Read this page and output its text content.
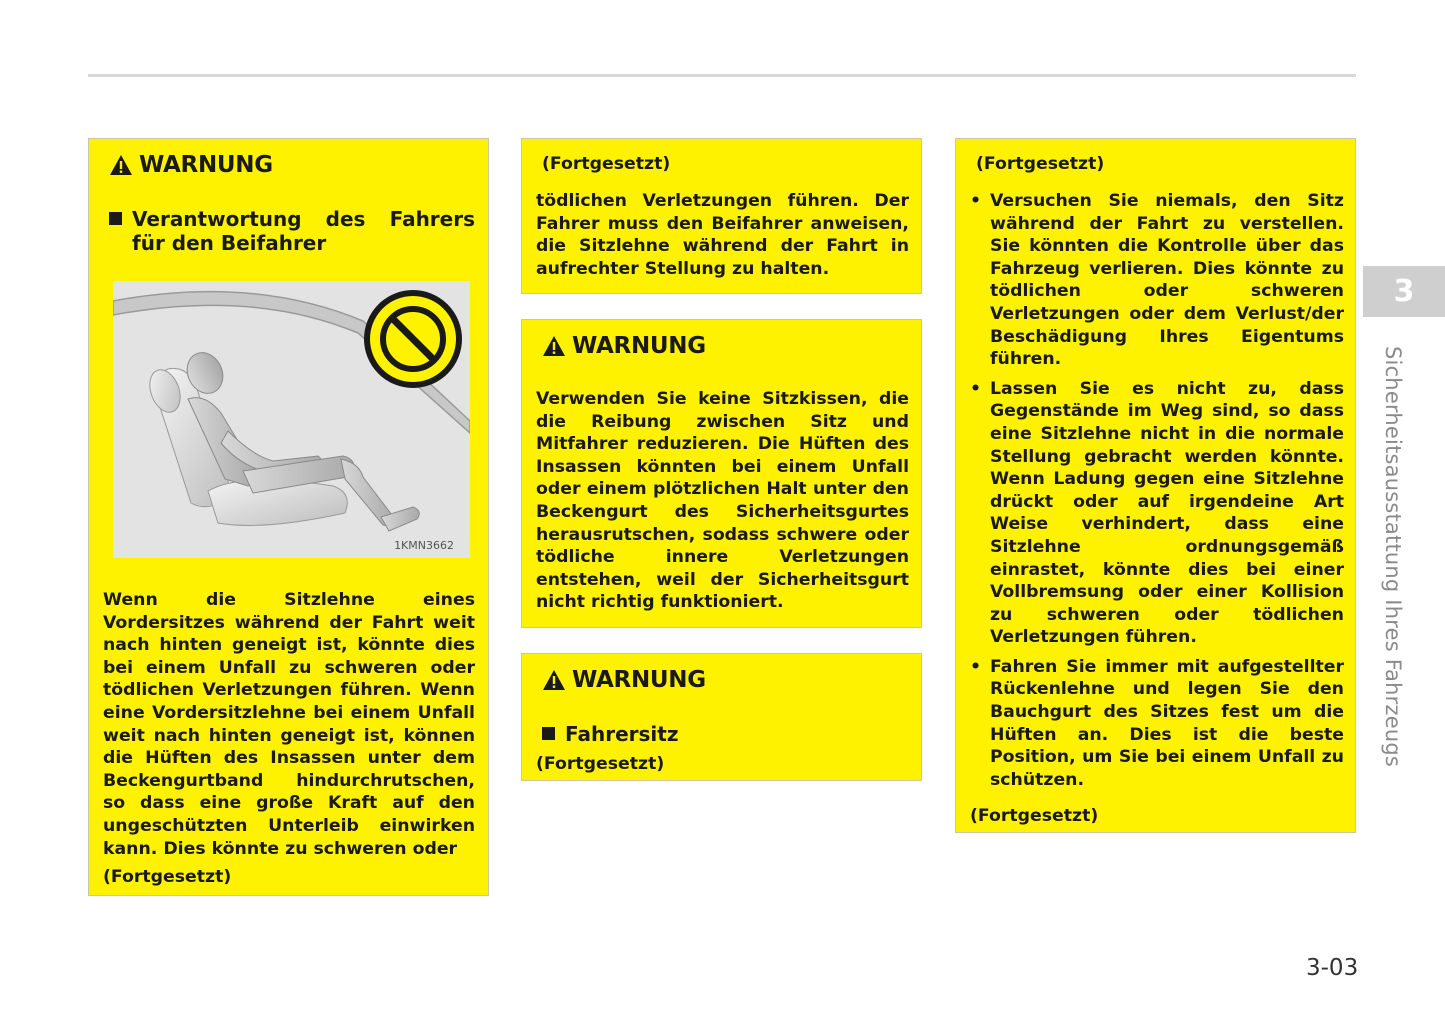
WARNUNG
Verantwortung des Fahrers für den Beifahrer
1KMN3662

Wenn die Sitzlehne eines Vordersitzes während der Fahrt weit nach hinten geneigt ist, könnte dies bei einem Unfall zu schweren oder tödlichen Verletzungen führen. Wenn eine Vordersitzlehne bei einem Unfall weit nach hinten geneigt ist, können die Hüften des Insassen unter dem Beckengurtband hindurchrutschen, so dass eine große Kraft auf den ungeschützten Unterleib einwirken kann. Dies könnte zu schweren oder

(Fortgesetzt)
(Fortgesetzt)

tödlichen Verletzungen führen. Der Fahrer muss den Beifahrer anweisen, die Sitzlehne während der Fahrt in aufrechter Stellung zu halten.

WARNUNG

Verwenden Sie keine Sitzkissen, die die Reibung zwischen Sitz und Mitfahrer reduzieren. Die Hüften des Insassen könnten bei einem Unfall oder einem plötzlichen Halt unter den Beckengurt des Sicherheitsgurtes herausrutschen, sodass schwere oder tödliche innere Verletzungen entstehen, weil der Sicherheitsgurt nicht richtig funktioniert.

WARNUNG
Fahrersitz
(Fortgesetzt)
(Fortgesetzt)
• Versuchen Sie niemals, den Sitz während der Fahrt zu verstellen. Sie könnten die Kontrolle über das Fahrzeug verlieren. Dies könnte zu tödlichen oder schweren Verletzungen oder dem Verlust/der Beschädigung Ihres Eigentums führen.
• Lassen Sie es nicht zu, dass Gegenstände im Weg sind, so dass eine Sitzlehne nicht in die normale Stellung gebracht werden könnte. Wenn Ladung gegen eine Sitzlehne drückt oder auf irgendeine Art Weise verhindert, dass eine Sitzlehne ordnungsgemäß einrastet, könnte dies bei einer Vollbremsung oder einer Kollision zu schweren oder tödlichen Verletzungen führen.
• Fahren Sie immer mit aufgestellter Rückenlehne und legen Sie den Bauchgurt des Sitzes fest um die Hüften an. Dies ist die beste Position, um Sie bei einem Unfall zu schützen.
(Fortgesetzt)
3
Sicherheitsausstattung Ihres Fahrzeugs
3-03
